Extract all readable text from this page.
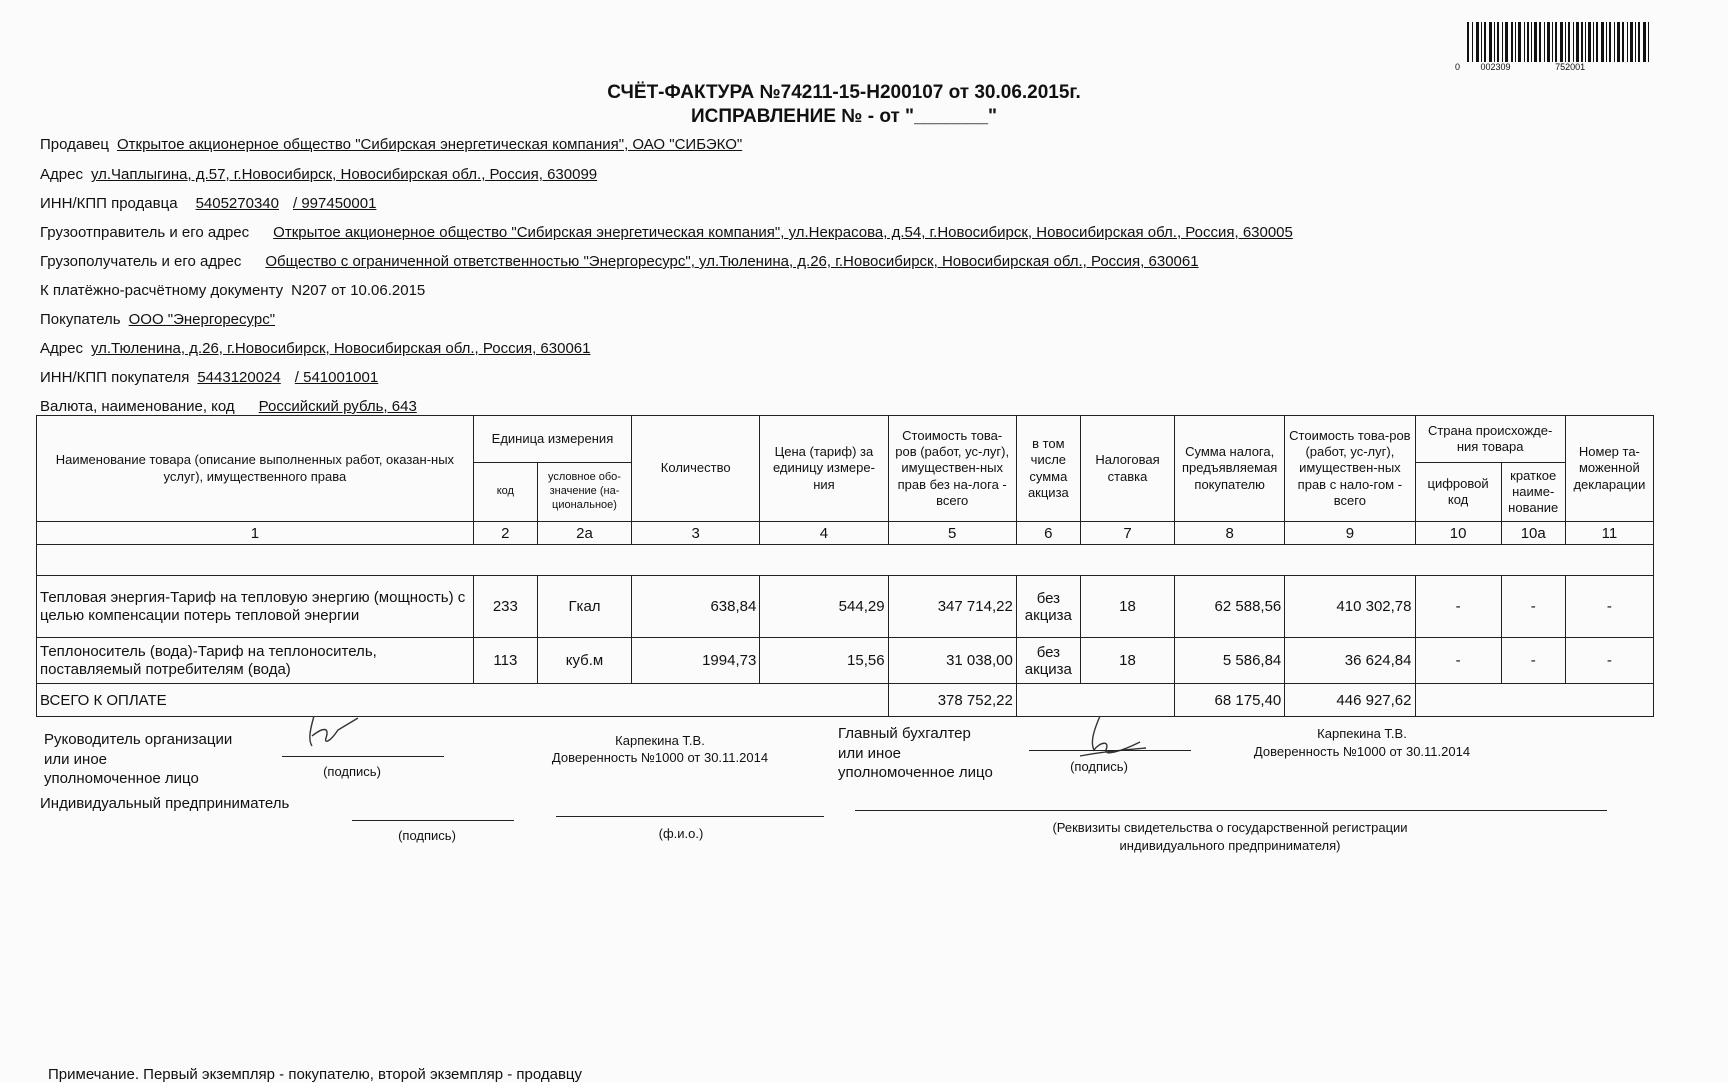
0 002309	752001
СЧЁТ-ФАКТУРА №74211-15-Н200107 от 30.06.2015г.
ИСПРАВЛЕНИЕ № - от "_______"
Продавец Открытое акционерное общество "Сибирская энергетическая компания", ОАО "СИБЭКО"
Адрес ул.Чаплыгина, д.57, г.Новосибирск, Новосибирская обл., Россия, 630099
ИНН/КПП продавца 5405270340 / 997450001
Грузоотправитель и его адрес Открытое акционерное общество "Сибирская энергетическая компания", ул.Некрасова, д.54, г.Новосибирск, Новосибирская обл., Россия, 630005
Грузополучатель и его адрес Общество с ограниченной ответственностью "Энергоресурс", ул.Тюленина, д.26, г.Новосибирск, Новосибирская обл., Россия, 630061
К платёжно-расчётному документу N207 от 10.06.2015
Покупатель ООО "Энергоресурс"
Адрес ул.Тюленина, д.26, г.Новосибирск, Новосибирская обл., Россия, 630061
ИНН/КПП покупателя 5443120024 / 541001001
Валюта, наименование, код Российский рубль, 643
Наименование товара (описание выполненных работ, оказан-ных услуг), имущественного права	Единица измерения		Количество	Цена (тариф) за единицу измере-ния	Стоимость това-ров (работ, ус-луг), имуществен-ных прав без на-лога - всего	в том числе сумма акциза	Налоговая ставка	Сумма налога, предъявляемая покупателю	Стоимость това-ров (работ, ус-луг), имуществен-ных прав с нало-гом - всего	Страна происхожде-ния товара		Номер та-моженной декларации
	код	условное обо-значение (на-циональное)								цифровой код	краткое наиме-нование	
1	2	2а	3	4	5	6	7	8	9	10	10а	11

Тепловая энергия-Тариф на тепловую энергию (мощность) с целью компенсации потерь тепловой энергии	233	Гкал	638,84	544,29	347 714,22	без акциза	18	62 588,56	410 302,78	-	-	-
Теплоноситель (вода)-Тариф на теплоноситель, поставляемый потребителям (вода)	113	куб.м	1994,73	15,56	31 038,00	без акциза	18	5 586,84	36 624,84	-	-	-
ВСЕГО К ОПЛАТЕ					378 752,22			68 175,40	446 927,62			
Руководитель организации
или иное
уполномоченное лицо	(подпись)
Карпекина Т.В.
Доверенность №1000 от 30.11.2014
Главный бухгалтер
или иное
уполномоченное лицо	(подпись)
Карпекина Т.В.
Доверенность №1000 от 30.11.2014
Индивидуальный предприниматель
(подпись)	(ф.и.о.)	(Реквизиты свидетельства о государственной регистрации
индивидуального предпринимателя)
Примечание. Первый экземпляр - покупателю, второй экземпляр - продавцу
